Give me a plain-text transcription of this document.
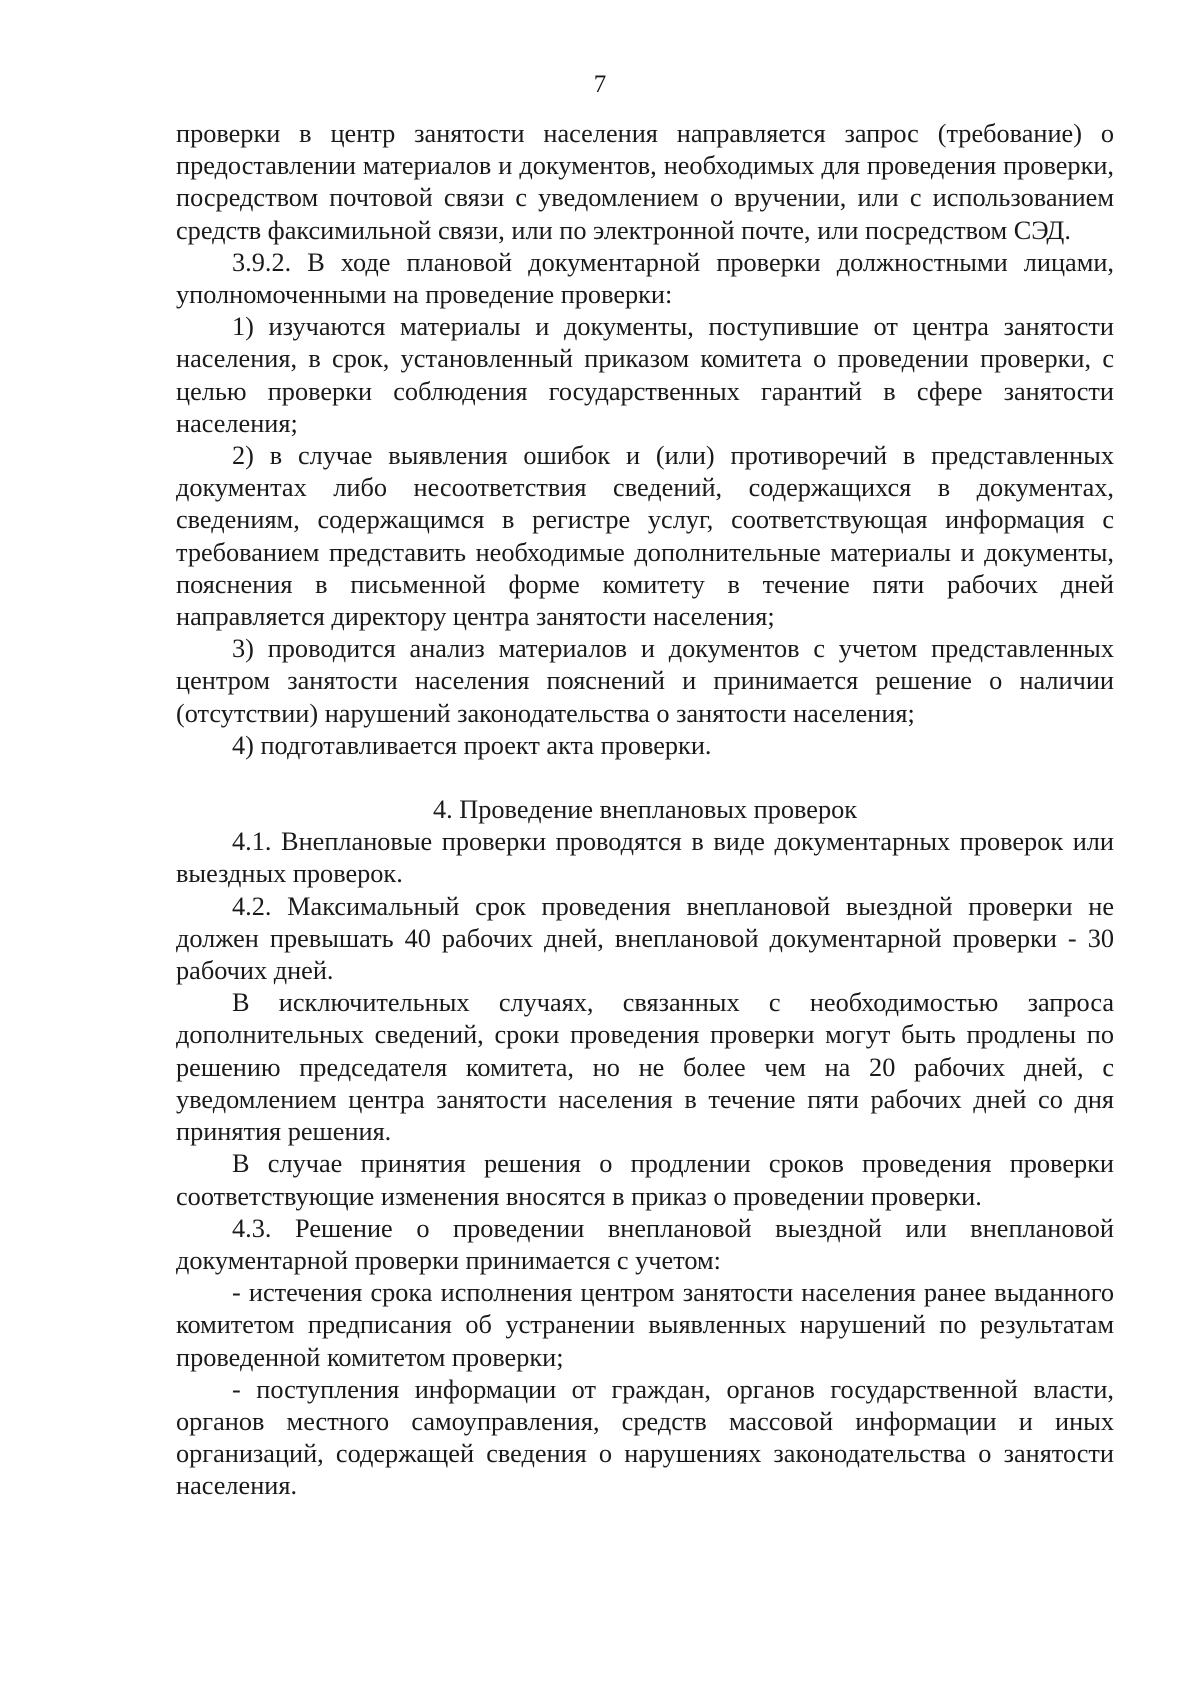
7

проверки в центр занятости населения направляется запрос (требование) о предоставлении материалов и документов, необходимых для проведения проверки, посредством почтовой связи с уведомлением о вручении, или с использованием средств факсимильной связи, или по электронной почте, или посредством СЭД.

3.9.2. В ходе плановой документарной проверки должностными лицами, уполномоченными на проведение проверки:

1) изучаются материалы и документы, поступившие от центра занятости населения, в срок, установленный приказом комитета о проведении проверки, с целью проверки соблюдения государственных гарантий в сфере занятости населения;

2) в случае выявления ошибок и (или) противоречий в представленных документах либо несоответствия сведений, содержащихся в документах, сведениям, содержащимся в регистре услуг, соответствующая информация с требованием представить необходимые дополнительные материалы и документы, пояснения в письменной форме комитету в течение пяти рабочих дней направляется директору центра занятости населения;

3) проводится анализ материалов и документов с учетом представленных центром занятости населения пояснений и принимается решение о наличии (отсутствии) нарушений законодательства о занятости населения;

4) подготавливается проект акта проверки.

4. Проведение внеплановых проверок

4.1. Внеплановые проверки проводятся в виде документарных проверок или выездных проверок.

4.2. Максимальный срок проведения внеплановой выездной проверки не должен превышать 40 рабочих дней, внеплановой документарной проверки - 30 рабочих дней.

В исключительных случаях, связанных с необходимостью запроса дополнительных сведений, сроки проведения проверки могут быть продлены по решению председателя комитета, но не более чем на 20 рабочих дней, с уведомлением центра занятости населения в течение пяти рабочих дней со дня принятия решения.

В случае принятия решения о продлении сроков проведения проверки соответствующие изменения вносятся в приказ о проведении проверки.

4.3. Решение о проведении внеплановой выездной или внеплановой документарной проверки принимается с учетом:

- истечения срока исполнения центром занятости населения ранее выданного комитетом предписания об устранении выявленных нарушений по результатам проведенной комитетом проверки;

- поступления информации от граждан, органов государственной власти, органов местного самоуправления, средств массовой информации и иных организаций, содержащей сведения о нарушениях законодательства о занятости населения.
